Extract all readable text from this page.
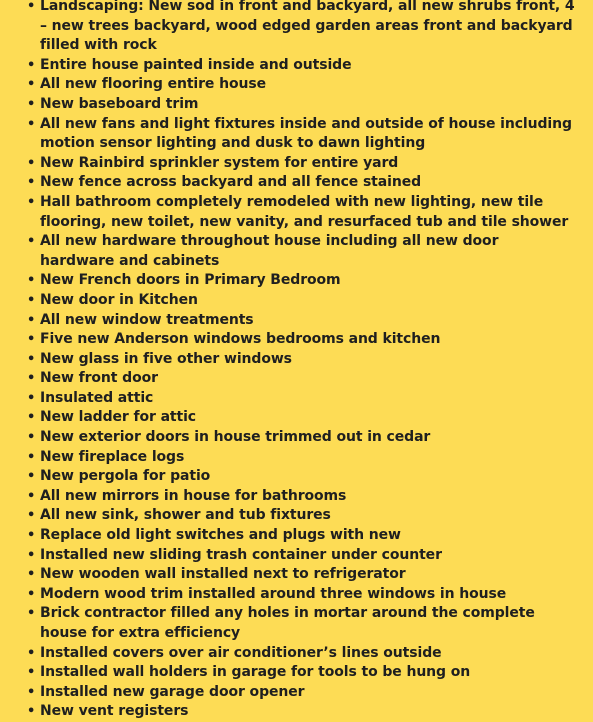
• Landscaping: New sod in front and backyard, all new shrubs front, 4 – new trees backyard, wood edged garden areas front and backyard filled with rock
• Entire house painted inside and outside
• All new flooring entire house
• New baseboard trim
• All new fans and light fixtures inside and outside of house including motion sensor lighting and dusk to dawn lighting
• New Rainbird sprinkler system for entire yard
• New fence across backyard and all fence stained
• Hall bathroom completely remodeled with new lighting, new tile flooring, new toilet, new vanity, and resurfaced tub and tile shower
• All new hardware throughout house including all new door hardware and cabinets
• New French doors in Primary Bedroom
• New door in Kitchen
• All new window treatments
• Five new Anderson windows bedrooms and kitchen
• New glass in five other windows
• New front door
• Insulated attic
• New ladder for attic
• New exterior doors in house trimmed out in cedar
• New fireplace logs
• New pergola for patio
• All new mirrors in house for bathrooms
• All new sink, shower and tub fixtures
• Replace old light switches and plugs with new
• Installed new sliding trash container under counter
• New wooden wall installed next to refrigerator
• Modern wood trim installed around three windows in house
• Brick contractor filled any holes in mortar around the complete house for extra efficiency
• Installed covers over air conditioner’s lines outside
• Installed wall holders in garage for tools to be hung on
• Installed new garage door opener
• New vent registers
